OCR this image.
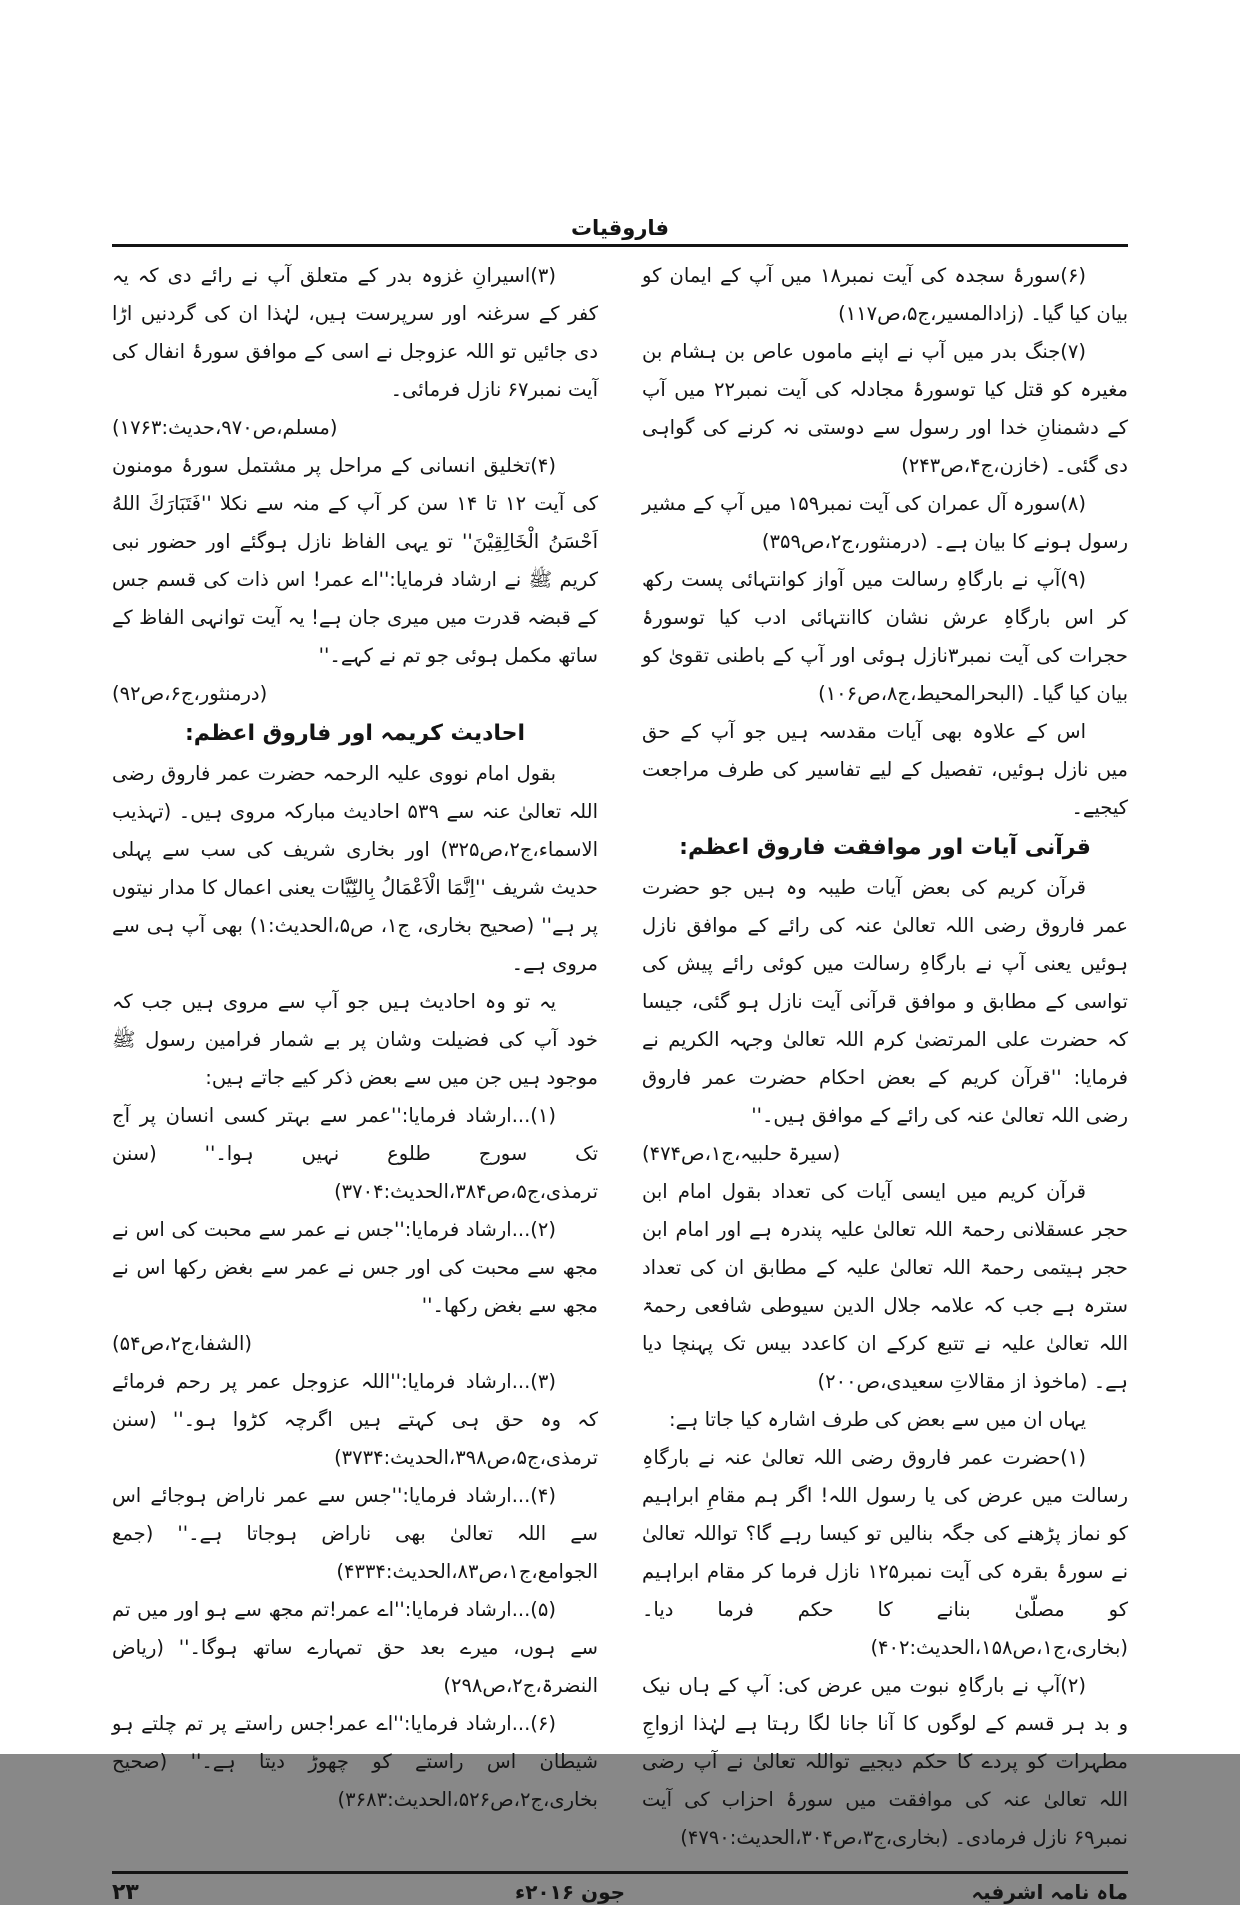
فاروقیات
(۶)سورۂ سجدہ کی آیت نمبر۱۸ میں آپ کے ایمان کو بیان کیا گیا۔ (زادالمسیر،ج۵،ص۱۱۷)
(۷)جنگ بدر میں آپ نے اپنے ماموں عاص بن ہشام بن مغیرہ کو قتل کیا توسورۂ مجادلہ کی آیت نمبر۲۲ میں آپ کے دشمنانِ خدا اور رسول سے دوستی نہ کرنے کی گواہی دی گئی۔ (خازن،ج۴،ص۲۴۳)
(۸)سورہ آل عمران کی آیت نمبر۱۵۹ میں آپ کے مشیر رسول ہونے کا بیان ہے۔ (درمنثور،ج۲،ص۳۵۹)
(۹)آپ نے بارگاہِ رسالت میں آواز کوانتہائی پست رکھ کر اس بارگاہِ عرش نشان کاانتہائی ادب کیا توسورۂ حجرات کی آیت نمبر۳نازل ہوئی اور آپ کے باطنی تقویٰ کو بیان کیا گیا۔ (البحرالمحیط،ج۸،ص۱۰۶)
اس کے علاوہ بھی آیات مقدسہ ہیں جو آپ کے حق میں نازل ہوئیں، تفصیل کے لیے تفاسیر کی طرف مراجعت کیجیے۔
قرآنی آیات اور موافقت فاروق اعظم:
قرآن کریم کی بعض آیات طیبہ وہ ہیں جو حضرت عمر فاروق رضی اللہ تعالیٰ عنہ کی رائے کے موافق نازل ہوئیں یعنی آپ نے بارگاہِ رسالت میں کوئی رائے پیش کی تواسی کے مطابق و موافق قرآنی آیت نازل ہو گئی، جیسا کہ حضرت علی المرتضیٰ کرم اللہ تعالیٰ وجہہ الکریم نے فرمایا: ''قرآن کریم کے بعض احکام حضرت عمر فاروق رضی اللہ تعالیٰ عنہ کی رائے کے موافق ہیں۔''
(سیرۃ حلبیہ،ج۱،ص۴۷۴)
قرآن کریم میں ایسی آیات کی تعداد بقول امام ابن حجر عسقلانی رحمۃ اللہ تعالیٰ علیہ پندرہ ہے اور امام ابن حجر ہیتمی رحمۃ اللہ تعالیٰ علیہ کے مطابق ان کی تعداد سترہ ہے جب کہ علامہ جلال الدین سیوطی شافعی رحمۃ اللہ تعالیٰ علیہ نے تتبع کرکے ان کاعدد بیس تک پہنچا دیا ہے۔ (ماخوذ از مقالاتِ سعیدی،ص۲۰۰)
یہاں ان میں سے بعض کی طرف اشارہ کیا جاتا ہے:
(۱)حضرت عمر فاروق رضی اللہ تعالیٰ عنہ نے بارگاہِ رسالت میں عرض کی یا رسول اللہ! اگر ہم مقامِ ابراہیم کو نماز پڑھنے کی جگہ بنالیں تو کیسا رہے گا؟ تواللہ تعالیٰ نے سورۂ بقرہ کی آیت نمبر۱۲۵ نازل فرما کر مقام ابراہیم کو مصلّیٰ بنانے کا حکم فرما دیا۔ (بخاری،ج۱،ص۱۵۸،الحدیث:۴۰۲)
(۲)آپ نے بارگاہِ نبوت میں عرض کی: آپ کے ہاں نیک و بد ہر قسم کے لوگوں کا آنا جانا لگا رہتا ہے لہٰذا ازواجِ مطہرات کو پردے کا حکم دیجیے تواللہ تعالیٰ نے آپ رضی اللہ تعالیٰ عنہ کی موافقت میں سورۂ احزاب کی آیت نمبر۶۹ نازل فرمادی۔ (بخاری،ج۳،ص۳۰۴،الحدیث:۴۷۹۰)
(۳)اسیرانِ غزوہ بدر کے متعلق آپ نے رائے دی کہ یہ کفر کے سرغنہ اور سرپرست ہیں، لہٰذا ان کی گردنیں اڑا دی جائیں تو اللہ عزوجل نے اسی کے موافق سورۂ انفال کی آیت نمبر۶۷ نازل فرمائی۔
(مسلم،ص۹۷۰،حدیث:۱۷۶۳)
(۴)تخلیق انسانی کے مراحل پر مشتمل سورۂ مومنون کی آیت ۱۲ تا ۱۴ سن کر آپ کے منہ سے نکلا ''فَتَبَارَكَ اللهُ اَحْسَنُ الْخَالِقِيْنَ'' تو یہی الفاظ نازل ہوگئے اور حضور نبی کریم ﷺ نے ارشاد فرمایا:''اے عمر! اس ذات کی قسم جس کے قبضہ قدرت میں میری جان ہے! یہ آیت توانہی الفاظ کے ساتھ مکمل ہوئی جو تم نے کہے۔''
(درمنثور،ج۶،ص۹۲)
احادیث کریمہ اور فاروق اعظم:
بقول امام نووی علیہ الرحمہ حضرت عمر فاروق رضی اللہ تعالیٰ عنہ سے ۵۳۹ احادیث مبارکہ مروی ہیں۔ (تہذیب الاسماء،ج۲،ص۳۲۵) اور بخاری شریف کی سب سے پہلی حدیث شریف ''اِنَّمَا الْاَعْمَالُ بِالنِّيَّات یعنی اعمال کا مدار نیتوں پر ہے'' (صحیح بخاری، ج۱، ص۵،الحدیث:۱) بھی آپ ہی سے مروی ہے۔
یہ تو وہ احادیث ہیں جو آپ سے مروی ہیں جب کہ خود آپ کی فضیلت وشان پر بے شمار فرامین رسول ﷺ موجود ہیں جن میں سے بعض ذکر کیے جاتے ہیں:
(۱)...ارشاد فرمایا:''عمر سے بہتر کسی انسان پر آج تک سورج طلوع نہیں ہوا۔'' (سنن ترمذی،ج۵،ص۳۸۴،الحدیث:۳۷۰۴)
(۲)...ارشاد فرمایا:''جس نے عمر سے محبت کی اس نے مجھ سے محبت کی اور جس نے عمر سے بغض رکھا اس نے مجھ سے بغض رکھا۔''
(الشفا،ج۲،ص۵۴)
(۳)...ارشاد فرمایا:''اللہ عزوجل عمر پر رحم فرمائے کہ وہ حق ہی کہتے ہیں اگرچہ کڑوا ہو۔'' (سنن ترمذی،ج۵،ص۳۹۸،الحدیث:۳۷۳۴)
(۴)...ارشاد فرمایا:''جس سے عمر ناراض ہوجائے اس سے اللہ تعالیٰ بھی ناراض ہوجاتا ہے۔'' (جمع الجوامع،ج۱،ص۸۳،الحدیث:۴۳۳۴)
(۵)...ارشاد فرمایا:''اے عمر!تم مجھ سے ہو اور میں تم سے ہوں، میرے بعد حق تمہارے ساتھ ہوگا۔'' (ریاض النضرۃ،ج۲،ص۲۹۸)
(۶)...ارشاد فرمایا:''اے عمر!جس راستے پر تم چلتے ہو شیطان اس راستے کو چھوڑ دیتا ہے۔'' (صحیح بخاری،ج۲،ص۵۲۶،الحدیث:۳۶۸۳)
ماہ نامہ اشرفیہ
جون ۲۰۱۶ء
۲۳
